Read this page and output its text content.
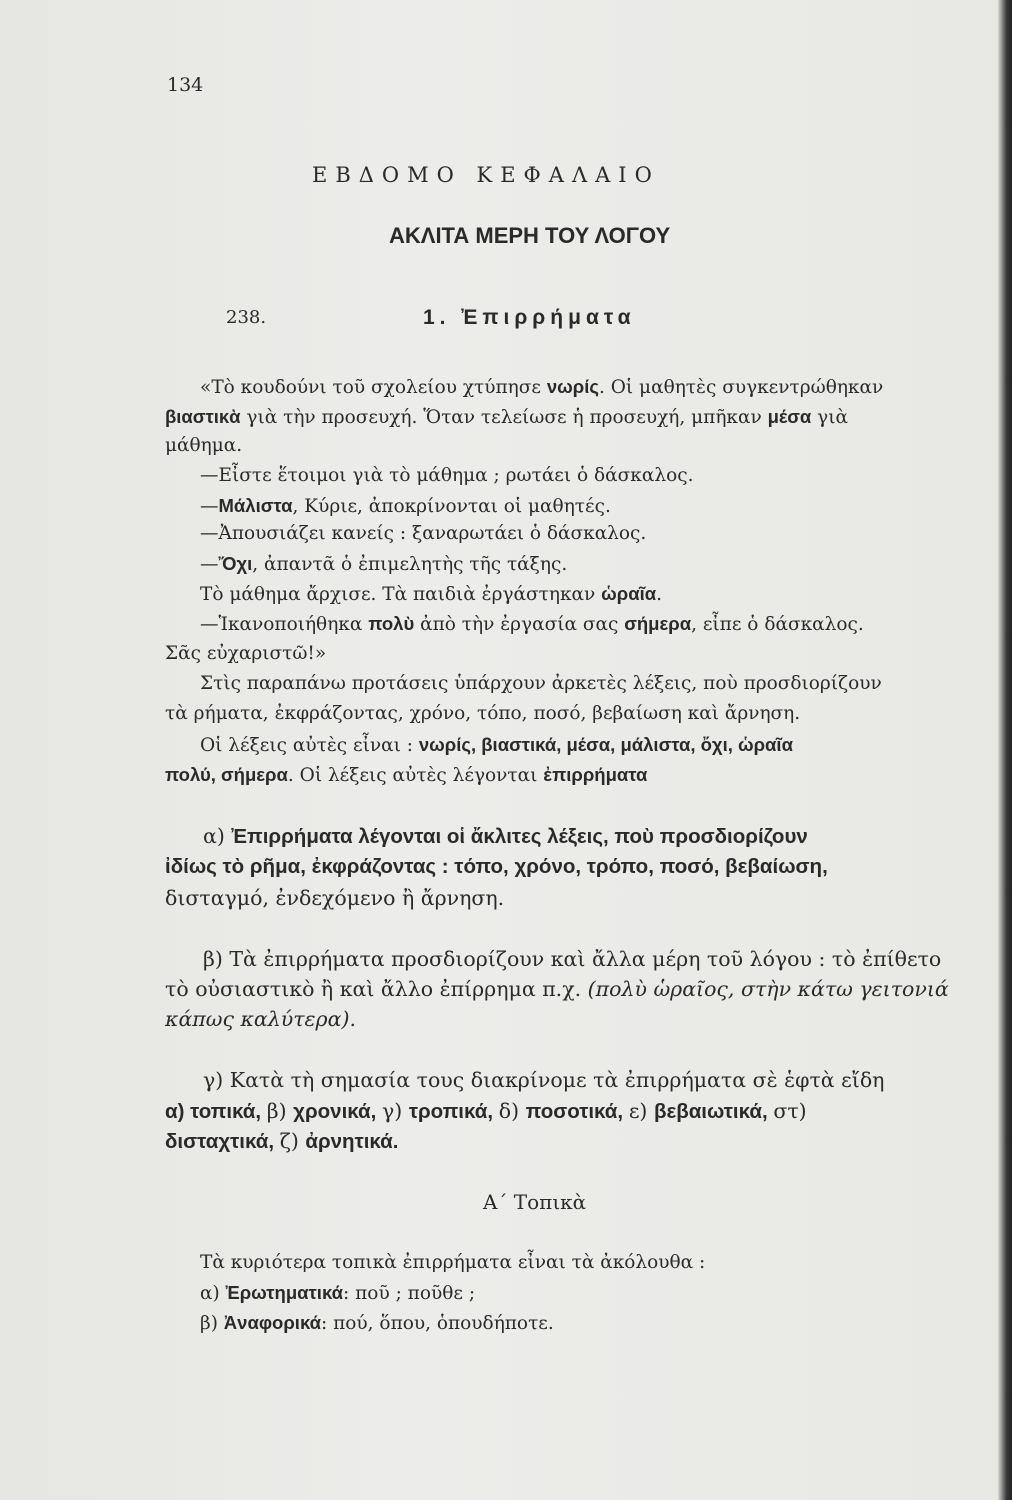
134
ΕΒΔΟΜΟ ΚΕΦΑΛΑΙΟ
ΑΚΛΙΤΑ ΜΕΡΗ ΤΟΥ ΛΟΓΟΥ
238.	1. Ἐπιρρήματα
«Τὸ κουδούνι τοῦ σχολείου χτύπησε νωρίς. Οἱ μαθητὲς συγκεντρώθηκαν
βιαστικὰ γιὰ τὴν προσευχή. Ὅταν τελείωσε ἡ προσευχή, μπῆκαν μέσα γιὰ
μάθημα.
—Εἶστε ἕτοιμοι γιὰ τὸ μάθημα ; ρωτάει ὁ δάσκαλος.
—Μάλιστα, Κύριε, ἀποκρίνονται οἱ μαθητές.
—Ἀπουσιάζει κανείς : ξαναρωτάει ὁ δάσκαλος.
—Ὄχι, ἀπαντᾶ ὁ ἐπιμελητὴς τῆς τάξης.
Τὸ μάθημα ἄρχισε. Τὰ παιδιὰ ἐργάστηκαν ὡραῖα.
—Ἱκανοποιήθηκα πολὺ ἀπὸ τὴν ἐργασία σας σήμερα, εἶπε ὁ δάσκαλος.
Σᾶς εὐχαριστῶ!»
Στὶς παραπάνω προτάσεις ὑπάρχουν ἀρκετὲς λέξεις, ποὺ προσδιορίζουν
τὰ ρήματα, ἐκφράζοντας, χρόνο, τόπο, ποσό, βεβαίωση καὶ ἄρνηση.
Οἱ λέξεις αὐτὲς εἶναι : νωρίς, βιαστικά, μέσα, μάλιστα, ὄχι, ὡραῖα
πολύ, σήμερα. Οἱ λέξεις αὐτὲς λέγονται ἐπιρρήματα
α) Ἐπιρρήματα λέγονται οἱ ἄκλιτες λέξεις, ποὺ προσδιορίζουν
ἰδίως τὸ ρῆμα, ἐκφράζοντας : τόπο, χρόνο, τρόπο, ποσό, βεβαίωση,
δισταγμό, ἐνδεχόμενο ἢ ἄρνηση.
β) Τὰ ἐπιρρήματα προσδιορίζουν καὶ ἄλλα μέρη τοῦ λόγου : τὸ ἐπίθετο
τὸ οὐσιαστικὸ ἢ καὶ ἄλλο ἐπίρρημα π.χ. (πολὺ ὡραῖος, στὴν κάτω γειτονιά
κάπως καλύτερα).
γ) Κατὰ τὴ σημασία τους διακρίνομε τὰ ἐπιρρήματα σὲ ἑφτὰ εἴδη
α) τοπικά, β) χρονικά, γ) τροπικά, δ) ποσοτικά, ε) βεβαιωτικά, στ)
δισταχτικά, ζ) ἀρνητικά.
Α΄ Τοπικὰ
Τὰ κυριότερα τοπικὰ ἐπιρρήματα εἶναι τὰ ἀκόλουθα :
α) Ἐρωτηματικά: ποῦ ; ποῦθε ;
β) Ἀναφορικά: πού, ὅπου, ὁπουδήποτε.
